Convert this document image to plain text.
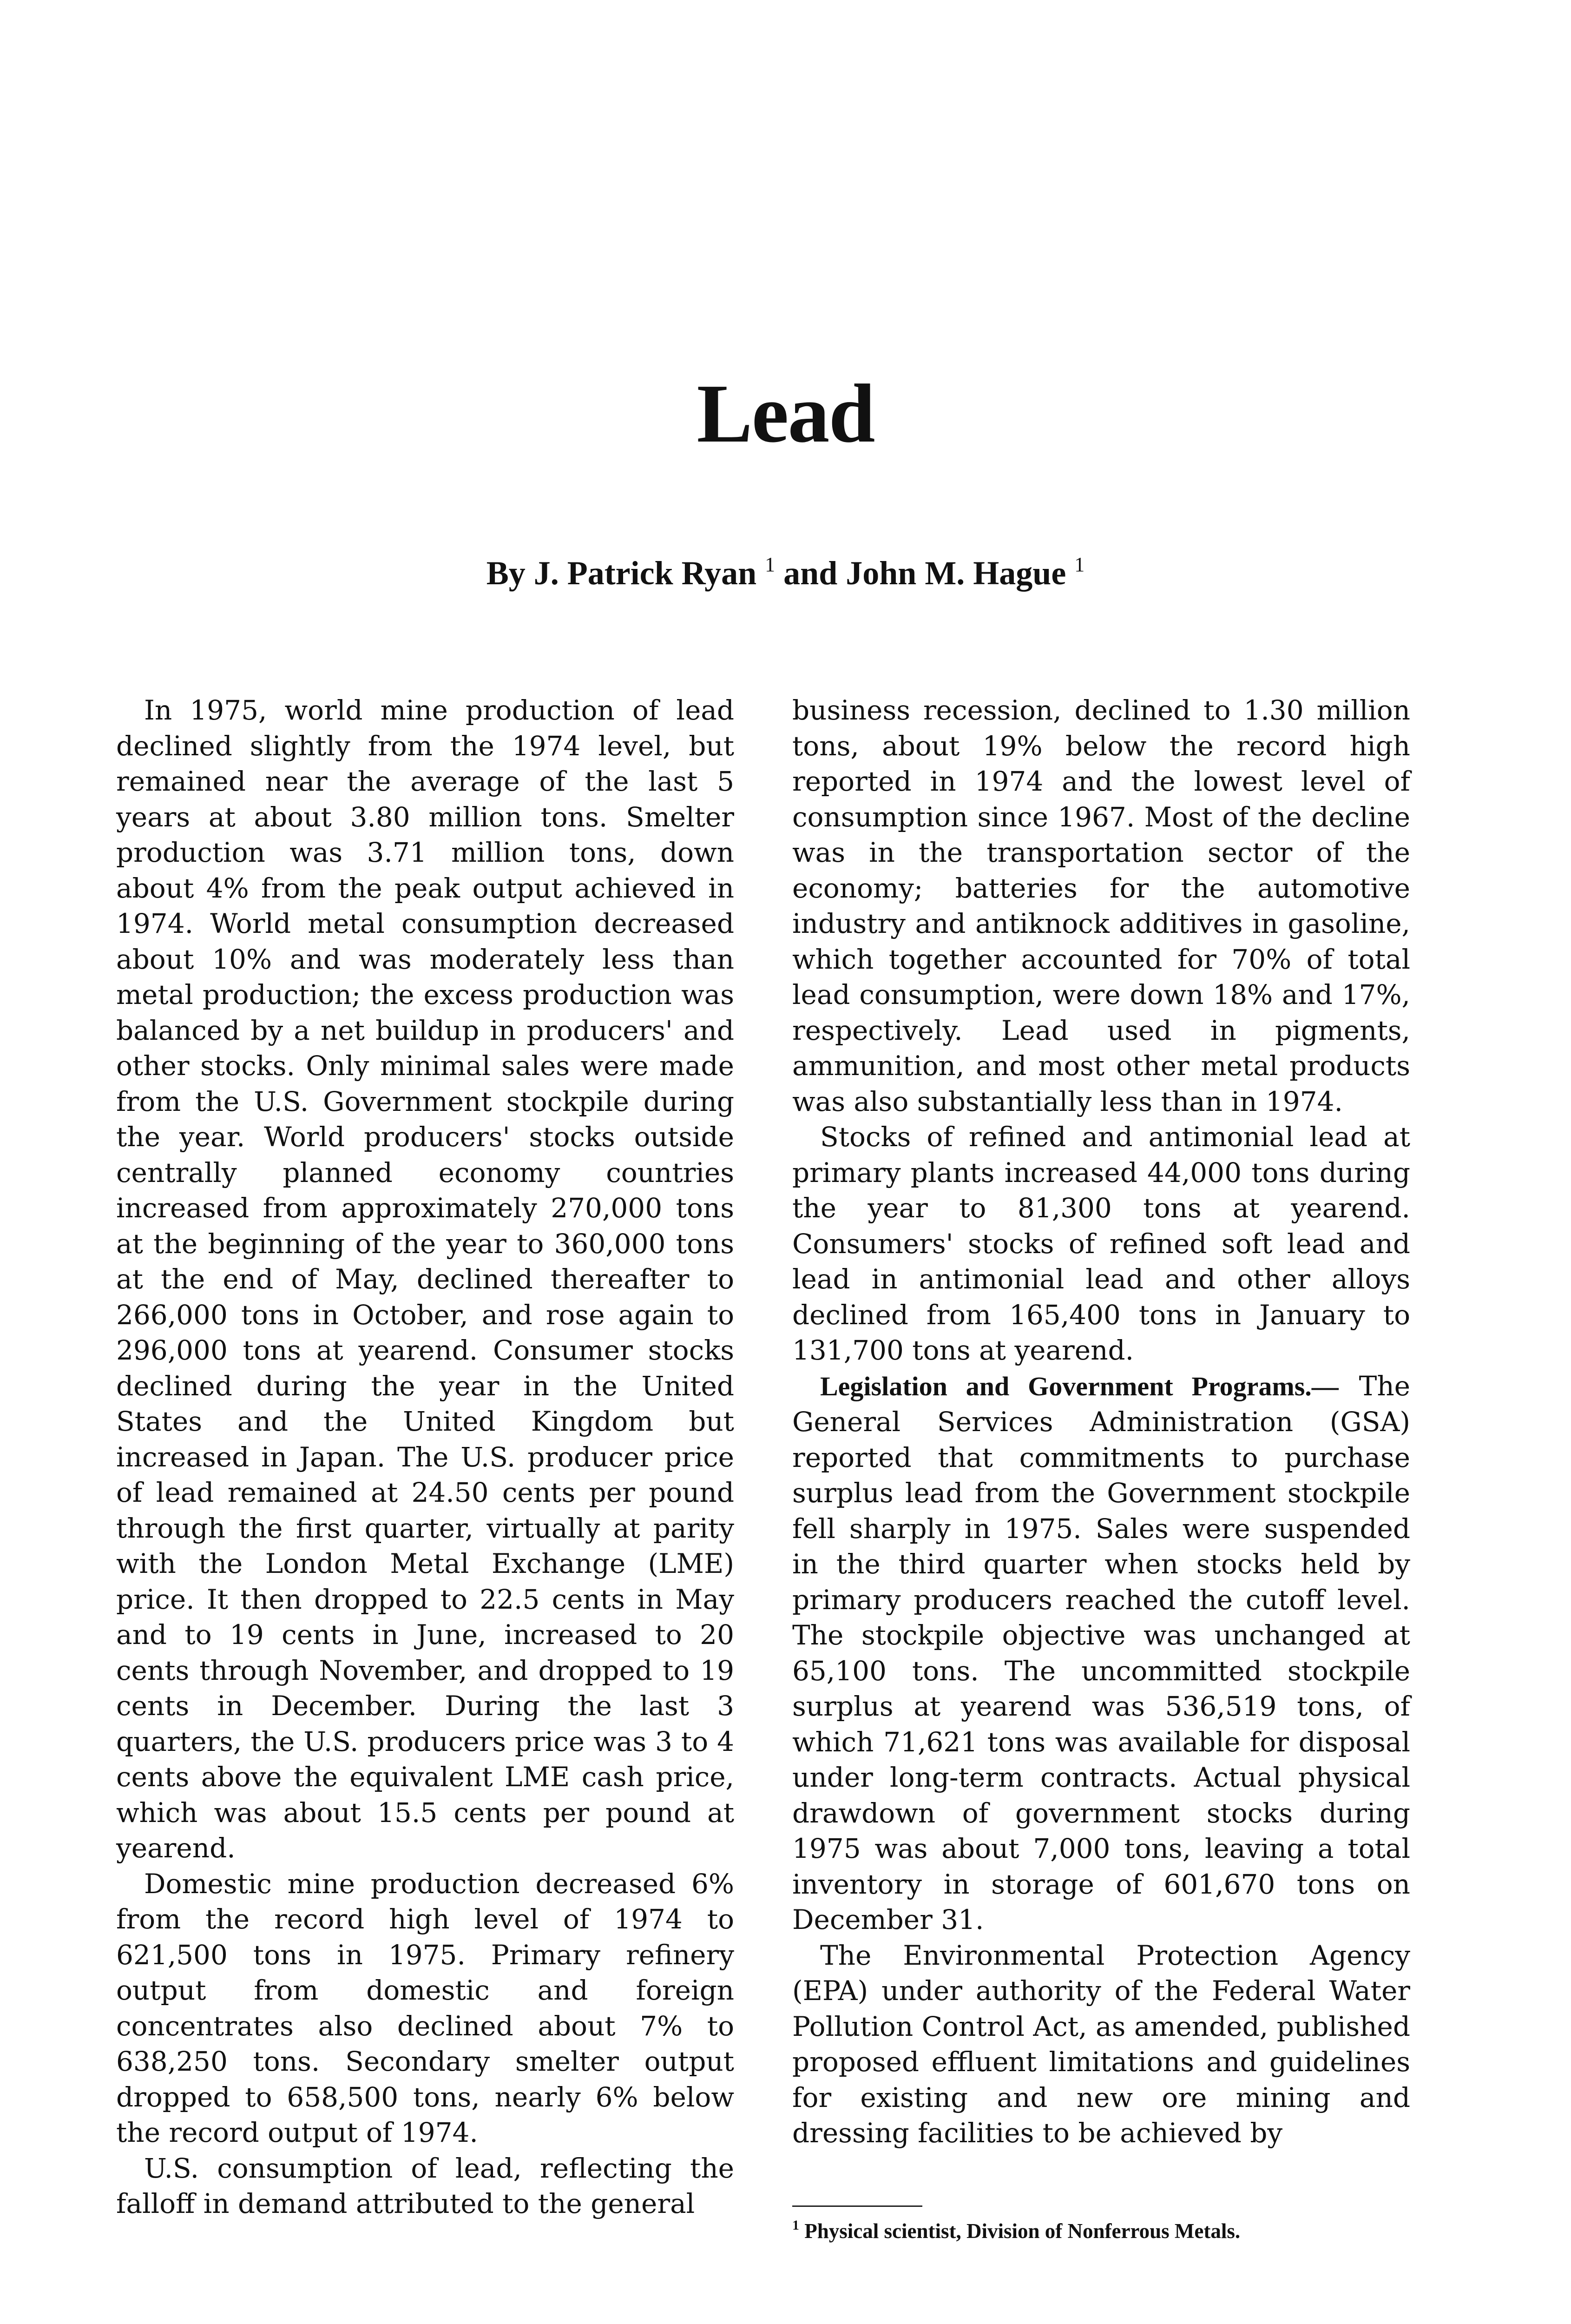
Lead
By J. Patrick Ryan $^1$ and John M. Hague $^1$

In 1975, world mine production of lead declined slightly from the 1974 level, but remained near the average of the last 5 years at about 3.80 million tons. Smelter production was 3.71 million tons, down about 4% from the peak output achieved in 1974. World metal consumption decreased about 10% and was moderately less than metal production; the excess production was balanced by a net buildup in producers' and other stocks. Only minimal sales were made from the U.S. Government stockpile during the year. World producers' stocks outside centrally planned economy countries increased from approximately 270,000 tons at the beginning of the year to 360,000 tons at the end of May, declined thereafter to 266,000 tons in October, and rose again to 296,000 tons at yearend. Consumer stocks declined during the year in the United States and the United Kingdom but increased in Japan. The U.S. producer price of lead remained at 24.50 cents per pound through the first quarter, virtually at parity with the London Metal Exchange (LME) price. It then dropped to 22.5 cents in May and to 19 cents in June, increased to 20 cents through November, and dropped to 19 cents in December. During the last 3 quarters, the U.S. producers price was 3 to 4 cents above the equivalent LME cash price, which was about 15.5 cents per pound at yearend.

Domestic mine production decreased 6% from the record high level of 1974 to 621,500 tons in 1975. Primary refinery output from domestic and foreign concentrates also declined about 7% to 638,250 tons. Secondary smelter output dropped to 658,500 tons, nearly 6% below the record output of 1974.

U.S. consumption of lead, reflecting the falloff in demand attributed to the general

business recession, declined to 1.30 million tons, about 19% below the record high reported in 1974 and the lowest level of consumption since 1967. Most of the decline was in the transportation sector of the economy; batteries for the automotive industry and antiknock additives in gasoline, which together accounted for 70% of total lead consumption, were down 18% and 17%, respectively. Lead used in pigments, ammunition, and most other metal products was also substantially less than in 1974.

Stocks of refined and antimonial lead at primary plants increased 44,000 tons during the year to 81,300 tons at yearend. Consumers' stocks of refined soft lead and lead in antimonial lead and other alloys declined from 165,400 tons in January to 131,700 tons at yearend.

Legislation and Government Programs.— The General Services Administration (GSA) reported that commitments to purchase surplus lead from the Government stockpile fell sharply in 1975. Sales were suspended in the third quarter when stocks held by primary producers reached the cutoff level. The stockpile objective was unchanged at 65,100 tons. The uncommitted stockpile surplus at yearend was 536,519 tons, of which 71,621 tons was available for disposal under long-term contracts. Actual physical drawdown of government stocks during 1975 was about 7,000 tons, leaving a total inventory in storage of 601,670 tons on December 31.

The Environmental Protection Agency (EPA) under authority of the Federal Water Pollution Control Act, as amended, published proposed effluent limitations and guidelines for existing and new ore mining and dressing facilities to be achieved by

$^1$ Physical scientist, Division of Nonferrous Metals.
